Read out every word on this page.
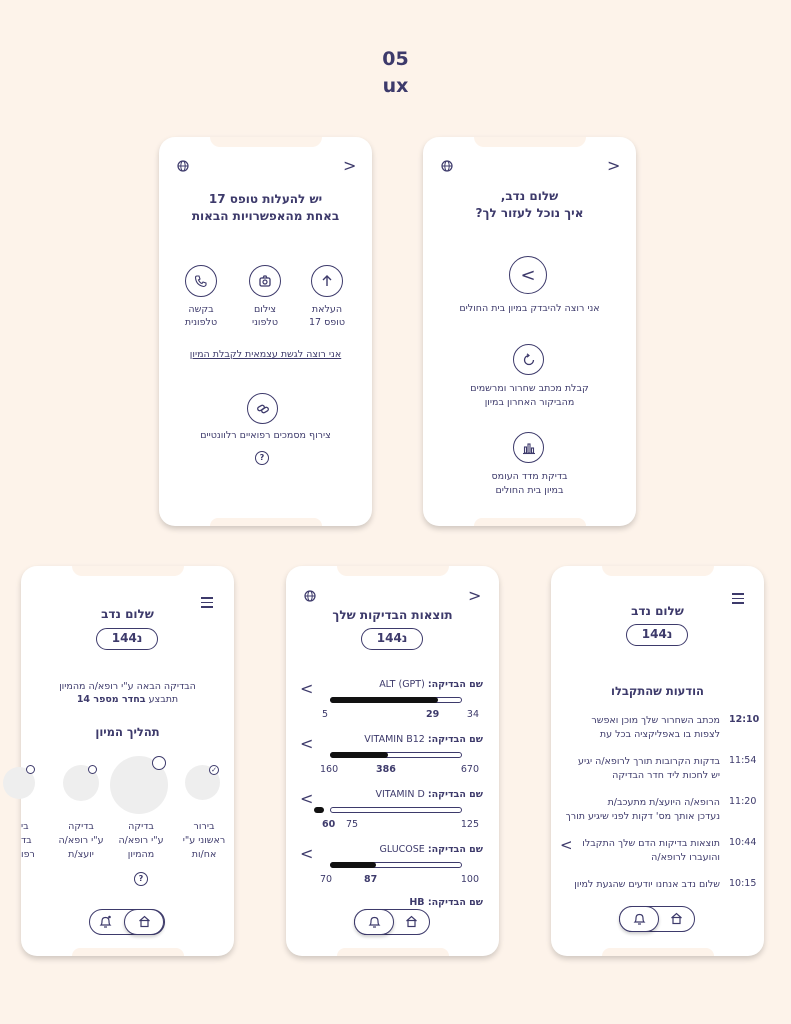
05
ux
>
יש להעלות טופס 17
באחת מהאפשרויות הבאות
העלאת
טופס 17
צילום
טלפוני
בקשה
טלפונית
אני רוצה לגשת עצמאית לקבלת המיון
צירוף מסמכים רפואיים רלוונטיים
?
>
שלום נדב,
איך נוכל לעזור לך?
<
אני רוצה להיבדק במיון בית החולים
קבלת מכתב שחרור ומרשמים
מהביקור האחרון במיון
בדיקת מדד העומס
במיון בית החולים
שלום נדב
נ144
הבדיקה הבאה ע"י רופא/ה מהמיון
תתבצע בחדר מספר 14
תהליך המיון
✓
בירור
ראשוני ע"י
אח/ות
בדיקה
ע"י רופא/ה
מהמיון
בדיקה
ע"י רופא/ה
יועצ/ת
בי
בד
רפו
?
>
תוצאות הבדיקות שלך
נ144
שם הבדיקה: ALT (GPT)
<
5	29	34
שם הבדיקה: VITAMIN B12
<
160	386	670
שם הבדיקה: VITAMIN D
<
60 75	125
שם הבדיקה: GLUCOSE
<
70	87	100
שם הבדיקה: HB
שלום נדב
נ144
הודעות שהתקבלו
12:10
מכתב השחרור שלך מוכן ואפשר
לצפות בו באפליקציה בכל עת
11:54
בדקות הקרובות תורך לרופא/ה יגיע
יש לחכות ליד חדר הבדיקה
11:20
הרופא/ה היועצ/ת מתעכב/ת
נעדכן אותך מס' דקות לפני שיגיע תורך
10:44
תוצאות בדיקות הדם שלך התקבלו
והועברו לרופא/ה
<
10:15
שלום נדב אנחנו יודעים שהגעת למיון
